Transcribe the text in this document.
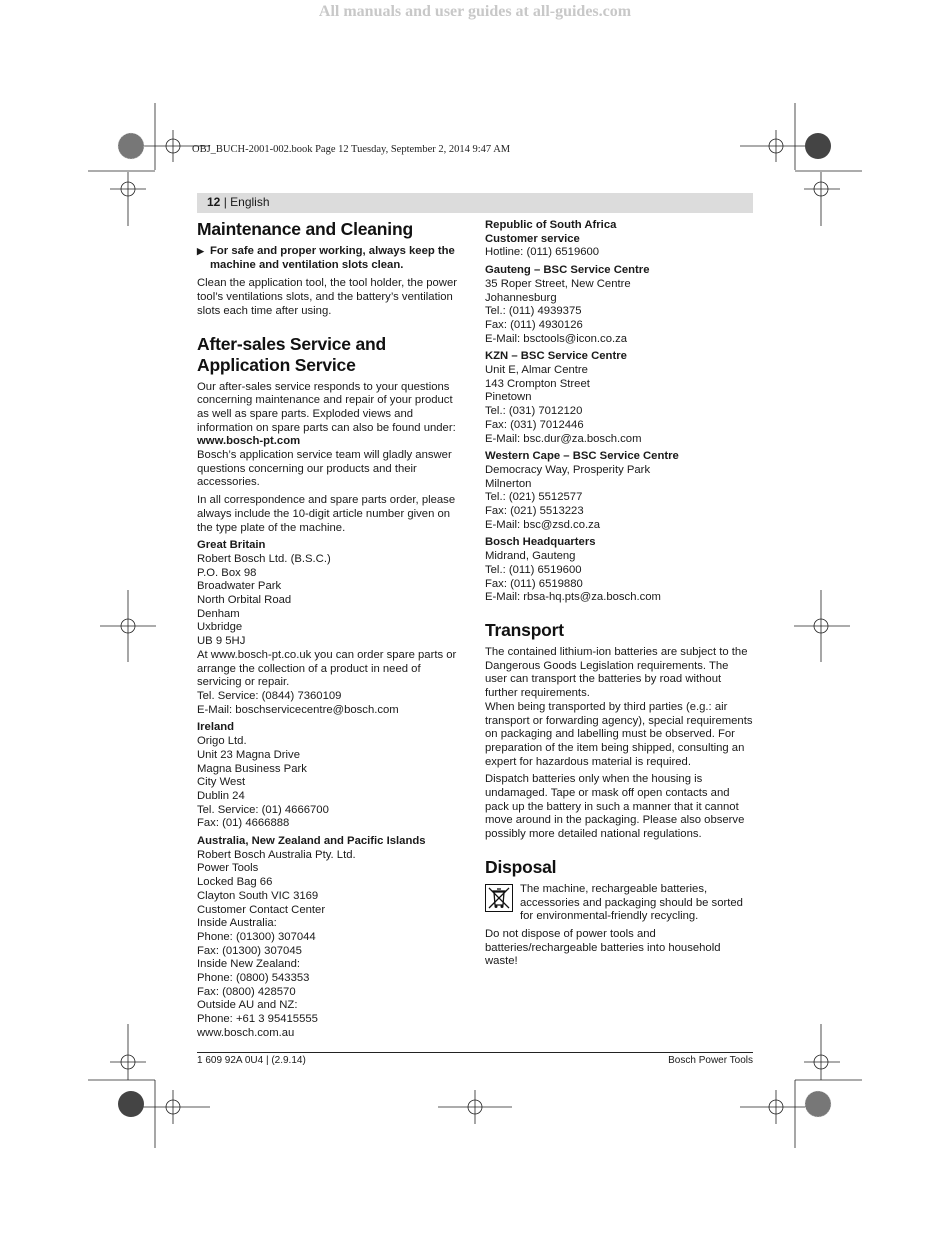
All manuals and user guides at all-guides.com
OBJ_BUCH-2001-002.book Page 12 Tuesday, September 2, 2014 9:47 AM
12 | English
Maintenance and Cleaning
▶ For safe and proper working, always keep the machine and ventilation slots clean.

Clean the application tool, the tool holder, the power tool’s ventilations slots, and the battery’s ventilation slots each time after using.

After-sales Service and Application Service

Our after-sales service responds to your questions concerning maintenance and repair of your product as well as spare parts. Exploded views and information on spare parts can also be found under:

www.bosch-pt.com

Bosch’s application service team will gladly answer questions concerning our products and their accessories.

In all correspondence and spare parts order, please always include the 10-digit article number given on the type plate of the machine.

Great Britain
Robert Bosch Ltd. (B.S.C.)
P.O. Box 98
Broadwater Park
North Orbital Road
Denham
Uxbridge
UB 9 5HJ
At www.bosch-pt.co.uk you can order spare parts or arrange the collection of a product in need of servicing or repair.
Tel. Service: (0844) 7360109
E-Mail: boschservicecentre@bosch.com
Ireland
Origo Ltd.
Unit 23 Magna Drive
Magna Business Park
City West
Dublin 24
Tel. Service: (01) 4666700
Fax: (01) 4666888
Australia, New Zealand and Pacific Islands
Robert Bosch Australia Pty. Ltd.
Power Tools
Locked Bag 66
Clayton South VIC 3169
Customer Contact Center
Inside Australia:
Phone: (01300) 307044
Fax: (01300) 307045
Inside New Zealand:
Phone: (0800) 543353
Fax: (0800) 428570
Outside AU and NZ:
Phone: +61 3 95415555
www.bosch.com.au
Republic of South Africa
Customer service
Hotline: (011) 6519600
Gauteng – BSC Service Centre
35 Roper Street, New Centre
Johannesburg
Tel.: (011) 4939375
Fax: (011) 4930126
E-Mail: bsctools@icon.co.za
KZN – BSC Service Centre
Unit E, Almar Centre
143 Crompton Street
Pinetown
Tel.: (031) 7012120
Fax: (031) 7012446
E-Mail: bsc.dur@za.bosch.com
Western Cape – BSC Service Centre
Democracy Way, Prosperity Park
Milnerton
Tel.: (021) 5512577
Fax: (021) 5513223
E-Mail: bsc@zsd.co.za
Bosch Headquarters
Midrand, Gauteng
Tel.: (011) 6519600
Fax: (011) 6519880
E-Mail: rbsa-hq.pts@za.bosch.com
Transport

The contained lithium-ion batteries are subject to the Dangerous Goods Legislation requirements. The user can transport the batteries by road without further requirements.

When being transported by third parties (e.g.: air transport or forwarding agency), special requirements on packaging and labelling must be observed. For preparation of the item being shipped, consulting an expert for hazardous material is required.

Dispatch batteries only when the housing is undamaged. Tape or mask off open contacts and pack up the battery in such a manner that it cannot move around in the packaging. Please also observe possibly more detailed national regulations.

Disposal
The machine, rechargeable batteries, accessories and packaging should be sorted for environmental-friendly recycling.

Do not dispose of power tools and batteries/rechargeable batteries into household waste!

1 609 92A 0U4 | (2.9.14)	Bosch Power Tools
